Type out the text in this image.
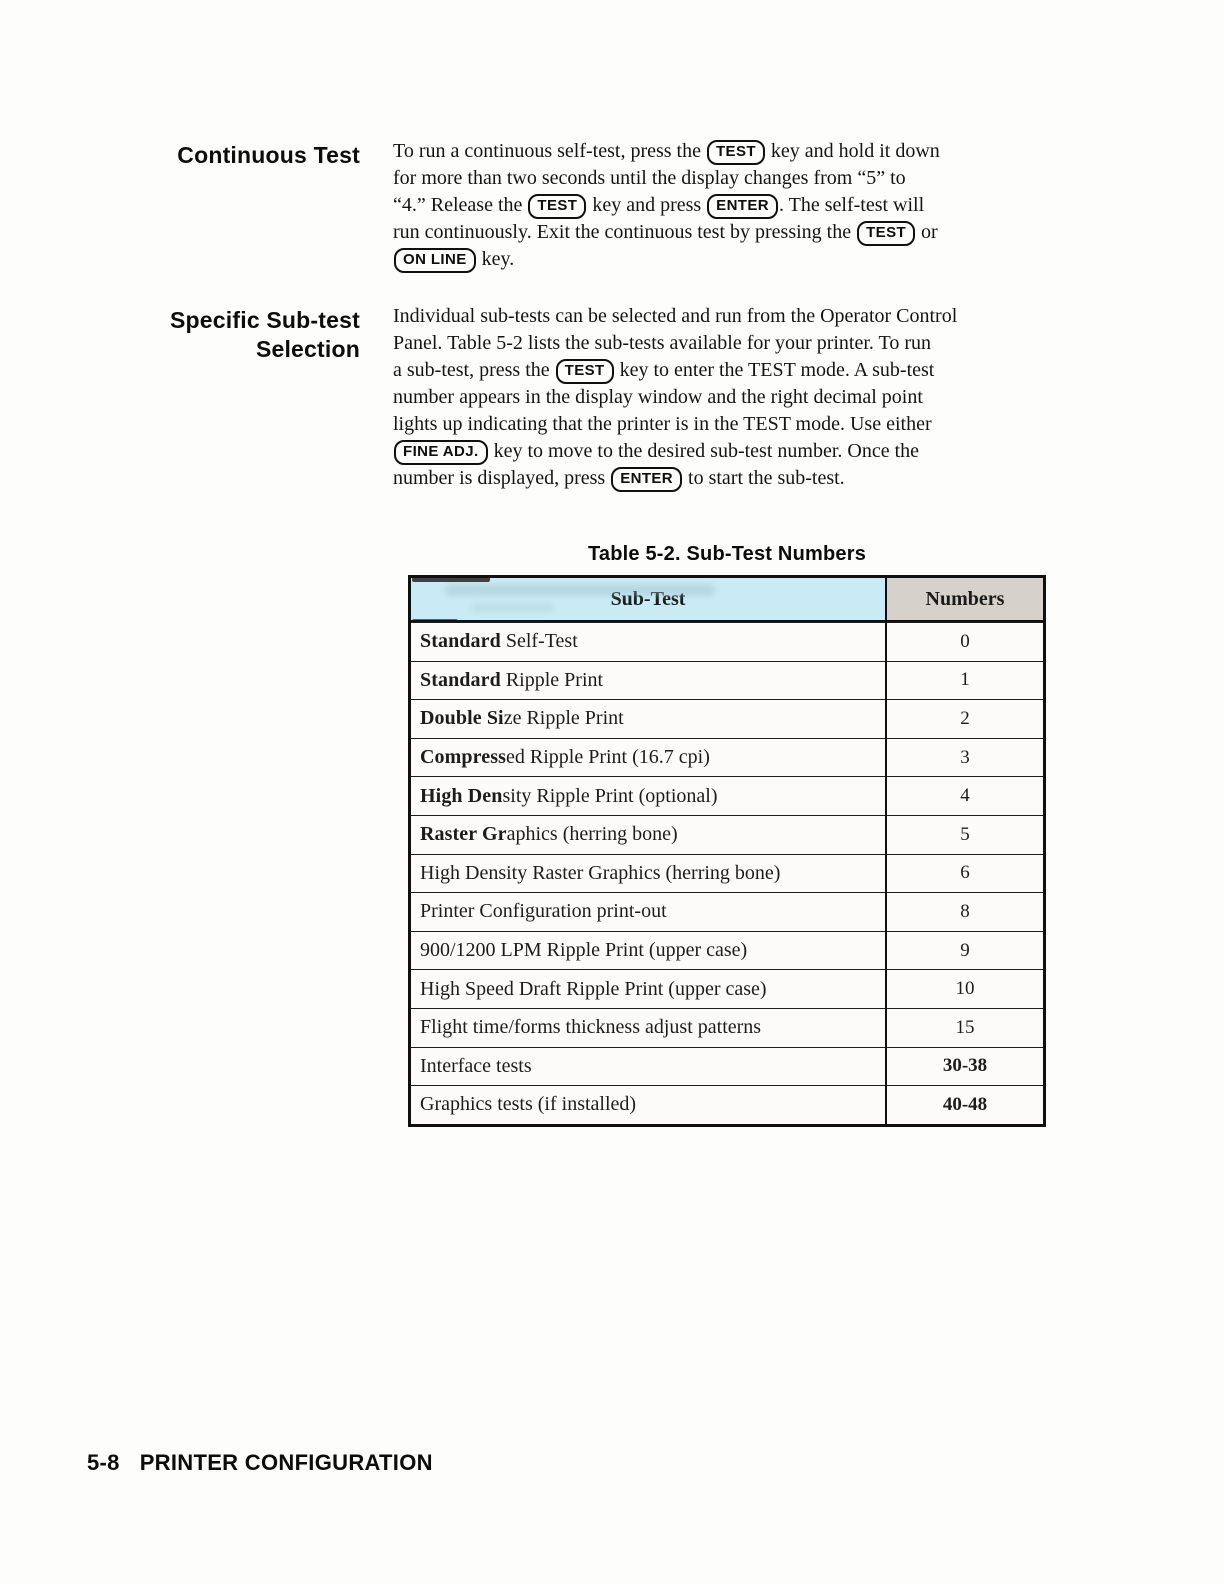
Continuous Test To run a continuous self-test, press the TEST key and hold it down
for more than two seconds until the display changes from “5” to
“4.” Release the TEST key and press ENTER . The self-test will
run continuously. Exit the continuous test by pressing the TEST or
ON LINE key.
Specific Sub-test
Selection
Individual sub-tests can be selected and run from the Operator Control
Panel. Table 5-2 lists the sub-tests available for your printer. To run
a sub-test, press the TEST key to enter the TEST mode. A sub-test
number appears in the display window and the right decimal point
lights up indicating that the printer is in the TEST mode. Use either
FINE ADJ. key to move to the desired sub-test number. Once the
number is displayed, press ENTER to start the sub-test.
Table 5-2. Sub-Test Numbers
Sub-Test	Numbers
Standard Self-Test	0
Standard Ripple Print	1
Double Si ze Ripple Print	2
Compress ed Ripple Print (16.7 cpi)	3
High Den sity Ripple Print (optional)	4
Raster Gr aphics (herring bone)	5
High Density Raster Graphics (herring bone)	6
Printer Configuration print-out	8
900/1200 LPM Ripple Print (upper case)	9
High Speed Draft Ripple Print (upper case)	10
Flight time/forms thickness adjust patterns	15
Interface tests	30-38
Graphics tests (if installed)	40-48
5-8 PRINTER CONFIGURATION
